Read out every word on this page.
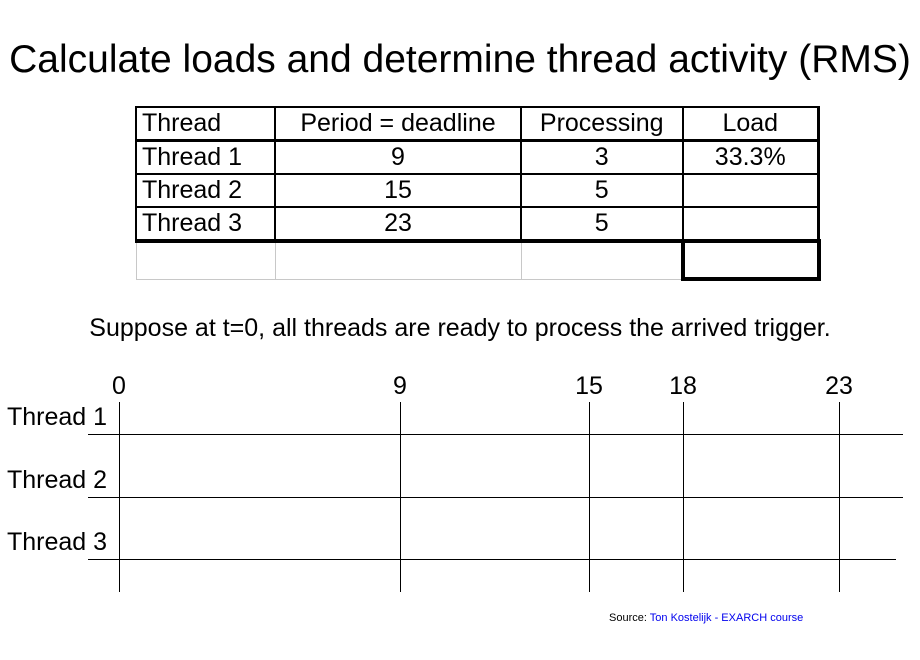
Calculate loads and determine thread activity (RMS)
Thread	Period = deadline	Processing	Load
Thread 1	9	3	33.3%
Thread 2	15	5	
Thread 3	23	5	

Suppose at t=0, all threads are ready to process the arrived trigger.
0	9	15	18	23
Thread 1
Thread 2
Thread 3
Source: Ton Kostelijk - EXARCH course
